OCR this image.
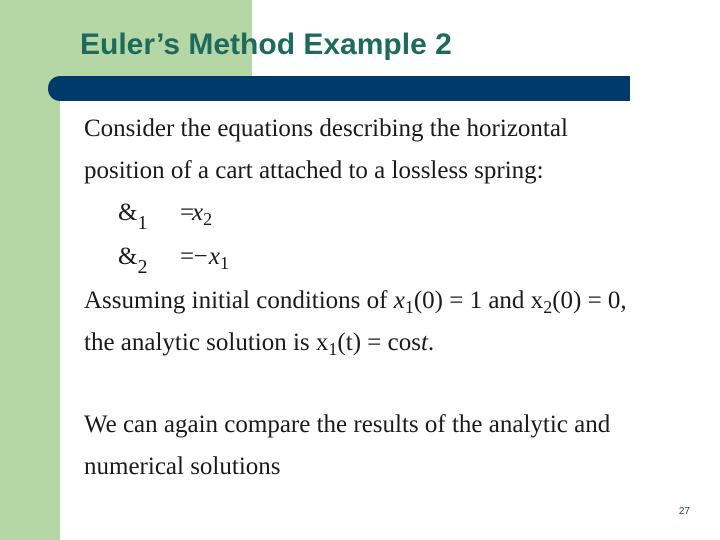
Euler’s Method Example 2
Consider the equations describing the horizontal
position of a cart attached to a lossless spring:
$\&_1$ =
$x_2$
$\&_2$ =
$-x_1$
Assuming initial conditions of $x_1(0) = 1$ and $x_2(0) = 0$,
the analytic solution is $x_1(t) = \cos t$.
We can again compare the results of the analytic and
numerical solutions
27
